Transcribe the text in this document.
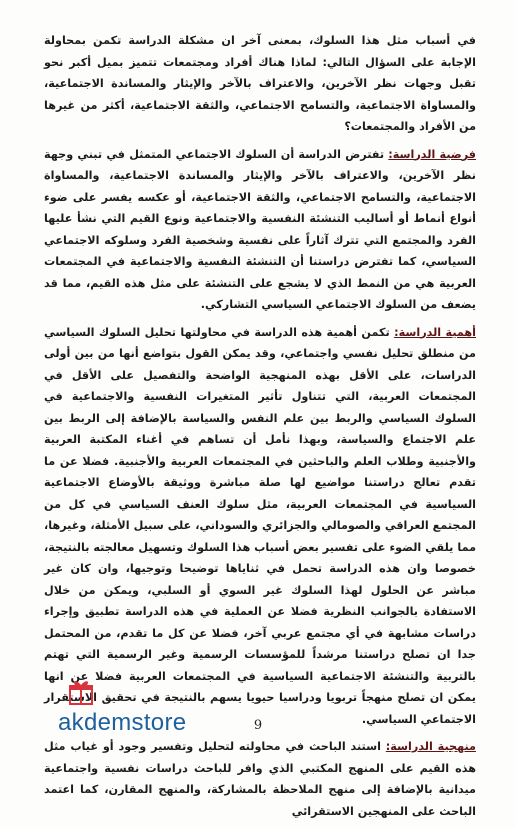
في أسباب مثل هذا السلوك، بمعنى آخر ان مشكلة الدراسة تكمن بمحاولة الإجابة على السؤال التالي: لماذا هناك أفراد ومجتمعات تتميز بميل أكبر نحو تقبل وجهات نظر الآخرين، والاعتراف بالآخر والإيثار والمساندة الاجتماعية، والمساواة الاجتماعية، والتسامح الاجتماعي، والثقة الاجتماعية، أكثر من غيرها من الأفراد والمجتمعات؟

فرضية الدراسة: تفترض الدراسة أن السلوك الاجتماعي المتمثل في تبني وجهة نظر الآخرين، والاعتراف بالآخر والإيثار والمساندة الاجتماعية، والمساواة الاجتماعية، والتسامح الاجتماعي، والثقة الاجتماعية، أو عكسه يفسر على ضوء أنواع أنماط أو أساليب التنشئة النفسية والاجتماعية ونوع القيم التي نشأ عليها الفرد والمجتمع التي تترك آثاراً على نفسية وشخصية الفرد وسلوكه الاجتماعي السياسي، كما تفترض دراستنا أن التنشئة النفسية والاجتماعية في المجتمعات العربية هي من النمط الذي لا يشجع على التنشئة على مثل هذه القيم، مما قد يضعف من السلوك الاجتماعي السياسي التشاركي.

أهمية الدراسة: تكمن أهمية هذه الدراسة في محاولتها تحليل السلوك السياسي من منطلق تحليل نفسي واجتماعي، وقد يمكن القول بتواضع أنها من بين أولى الدراسات، على الأقل بهذه المنهجية الواضحة والتفصيل على الأقل في المجتمعات العربية، التي تتناول تأثير المتغيرات النفسية والاجتماعية في السلوك السياسي والربط بين علم النفس والسياسة بالإضافة إلى الربط بين علم الاجتماع والسياسة، وبهذا نأمل أن تساهم في أغناء المكتبة العربية والأجنبية وطلاب العلم والباحثين في المجتمعات العربية والأجنبية. فضلا عن ما تقدم تعالج دراستنا مواضيع لها صلة مباشرة ووثيقة بالأوضاع الاجتماعية السياسية في المجتمعات العربية، مثل سلوك العنف السياسي في كل من المجتمع العراقي والصومالي والجزائري والسوداني، على سبيل الأمثلة، وغيرها، مما يلقي الضوء على تفسير بعض أسباب هذا السلوك وتسهيل معالجته بالنتيجة، خصوصا وان هذه الدراسة تحمل في ثناياها توضيحا وتوجيها، وان كان غير مباشر عن الحلول لهذا السلوك غير السوي أو السلبي، ويمكن من خلال الاستفادة بالجوانب النظرية فضلا عن العملية في هذه الدراسة تطبيق وإجراء دراسات مشابهة في أي مجتمع عربي آخر، فضلا عن كل ما تقدم، من المحتمل جدا ان تصلح دراستنا مرشداً للمؤسسات الرسمية وغير الرسمية التي تهتم بالتربية والتنشئة الاجتماعية السياسية في المجتمعات العربية فضلا عن انها يمكن ان تصلح منهجاً تربويا ودراسيا حيويا يسهم بالنتيجة في تحقيق الاستقرار الاجتماعي السياسي.

منهجية الدراسة: استند الباحث في محاولته لتحليل وتفسير وجود أو غياب مثل هذه القيم على المنهج المكتبي الذي وافر للباحث دراسات نفسية واجتماعية ميدانية بالإضافة إلى منهج الملاحظة بالمشاركة، والمنهج المقارن، كما اعتمد الباحث على المنهجين الاستقرائي

akdemstore	9
